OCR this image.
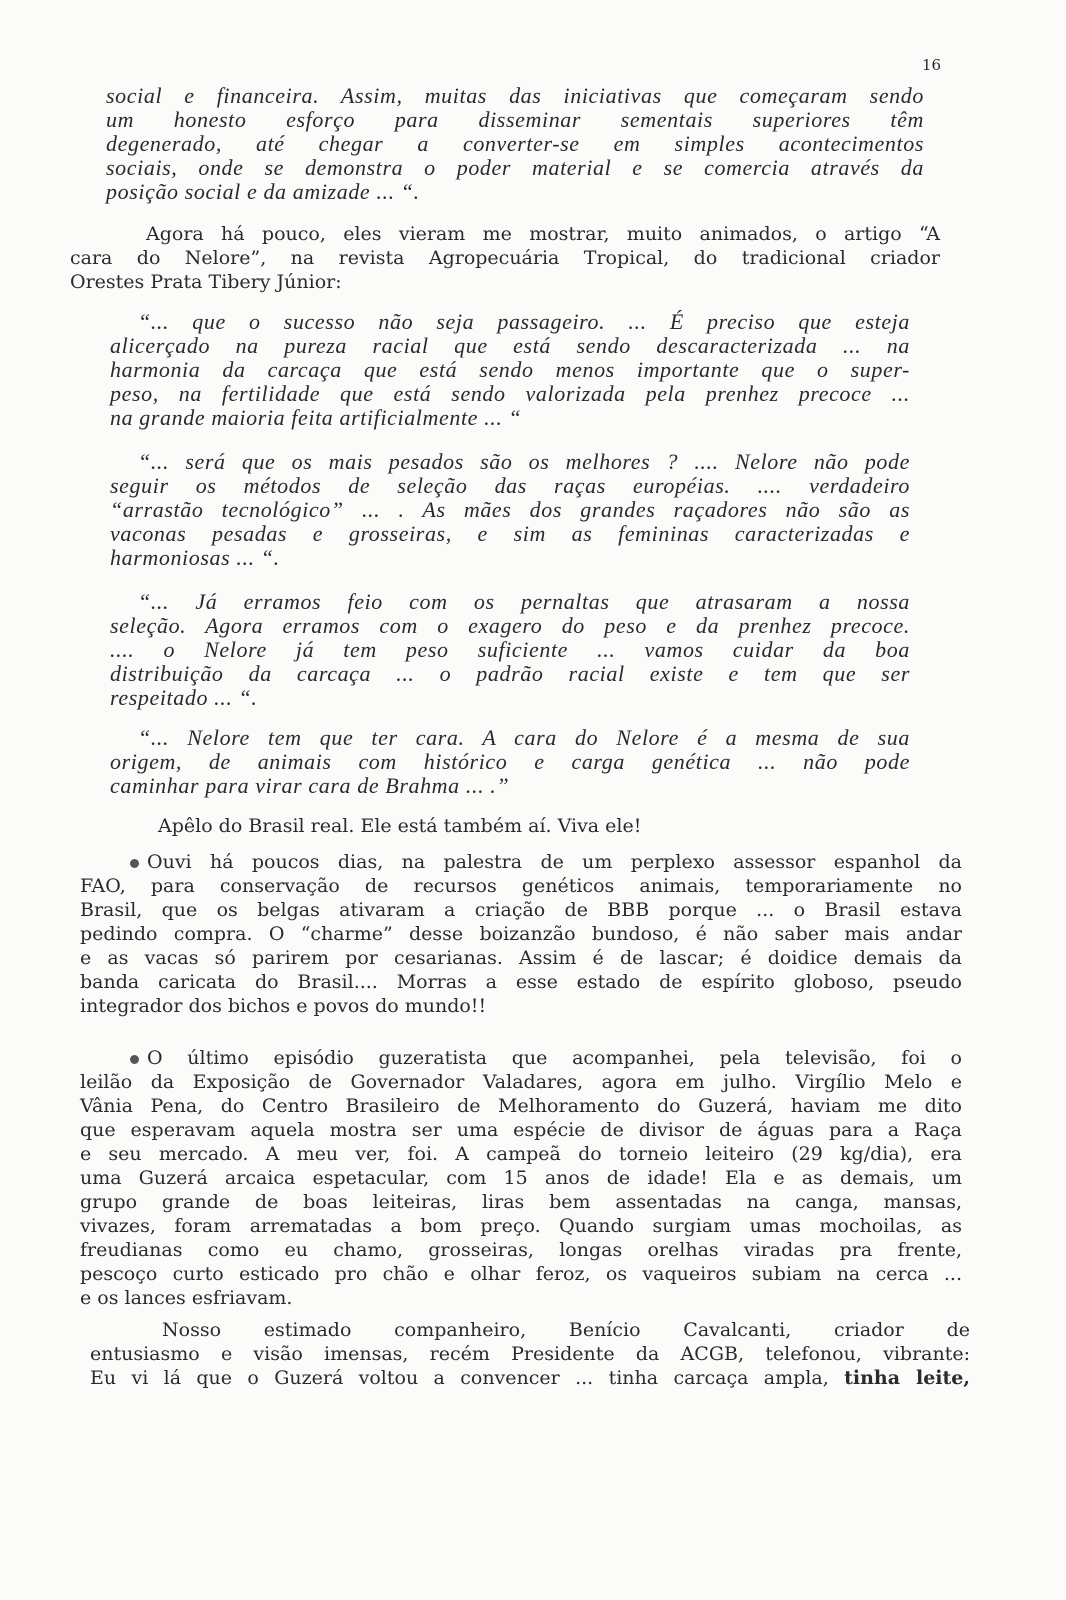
16
social e financeira. Assim, muitas das iniciativas que começaram sendo
um honesto esforço para disseminar sementais superiores têm
degenerado, até chegar a converter-se em simples acontecimentos
sociais, onde se demonstra o poder material e se comercia através da
posição social e da amizade ... “.
Agora há pouco, eles vieram me mostrar, muito animados, o artigo “A
cara do Nelore”, na revista Agropecuária Tropical, do tradicional criador
Orestes Prata Tibery Júnior:
“... que o sucesso não seja passageiro. ... É preciso que esteja
alicerçado na pureza racial que está sendo descaracterizada ... na
harmonia da carcaça que está sendo menos importante que o super-
peso, na fertilidade que está sendo valorizada pela prenhez precoce ...
na grande maioria feita artificialmente ... “
“... será que os mais pesados são os melhores ? .... Nelore não pode
seguir os métodos de seleção das raças européias. .... verdadeiro
“arrastão tecnológico” ... . As mães dos grandes raçadores não são as
vaconas pesadas e grosseiras, e sim as femininas caracterizadas e
harmoniosas ... “.
“... Já erramos feio com os pernaltas que atrasaram a nossa
seleção. Agora erramos com o exagero do peso e da prenhez precoce.
.... o Nelore já tem peso suficiente ... vamos cuidar da boa
distribuição da carcaça ... o padrão racial existe e tem que ser
respeitado ... “.
“... Nelore tem que ter cara. A cara do Nelore é a mesma de sua
origem, de animais com histórico e carga genética ... não pode
caminhar para virar cara de Brahma ... .”
Apêlo do Brasil real. Ele está também aí. Viva ele!
Ouvi há poucos dias, na palestra de um perplexo assessor espanhol da
FAO, para conservação de recursos genéticos animais, temporariamente no
Brasil, que os belgas ativaram a criação de BBB porque ... o Brasil estava
pedindo compra. O “charme” desse boizanzão bundoso, é não saber mais andar
e as vacas só parirem por cesarianas. Assim é de lascar; é doidice demais da
banda caricata do Brasil.... Morras a esse estado de espírito globoso, pseudo
integrador dos bichos e povos do mundo!!
O último episódio guzeratista que acompanhei, pela televisão, foi o
leilão da Exposição de Governador Valadares, agora em julho. Virgílio Melo e
Vânia Pena, do Centro Brasileiro de Melhoramento do Guzerá, haviam me dito
que esperavam aquela mostra ser uma espécie de divisor de águas para a Raça
e seu mercado. A meu ver, foi. A campeã do torneio leiteiro (29 kg/dia), era
uma Guzerá arcaica espetacular, com 15 anos de idade! Ela e as demais, um
grupo grande de boas leiteiras, liras bem assentadas na canga, mansas,
vivazes, foram arrematadas a bom preço. Quando surgiam umas mochoilas, as
freudianas como eu chamo, grosseiras, longas orelhas viradas pra frente,
pescoço curto esticado pro chão e olhar feroz, os vaqueiros subiam na cerca ...
e os lances esfriavam.
Nosso estimado companheiro, Benício Cavalcanti, criador de
entusiasmo e visão imensas, recém Presidente da ACGB, telefonou, vibrante:
Eu vi lá que o Guzerá voltou a convencer ... tinha carcaça ampla, tinha leite,
